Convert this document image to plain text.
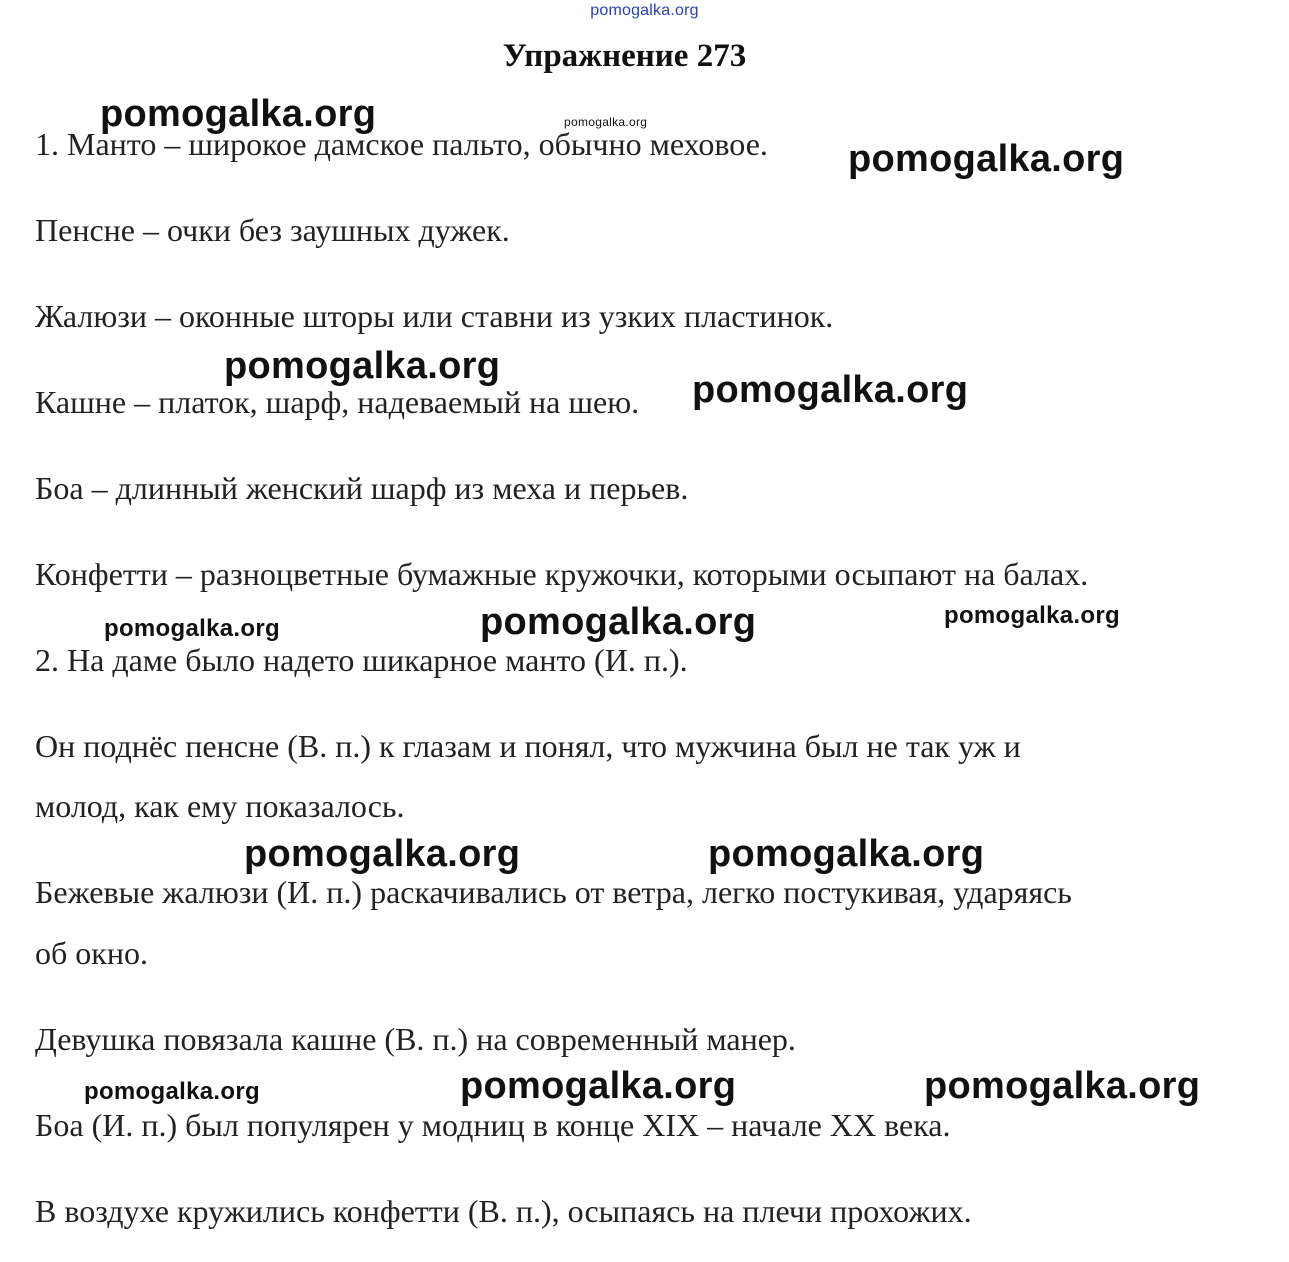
pomogalka.org
Упражнение 273
1. Манто – широкое дамское пальто, обычно меховое.
Пенсне – очки без заушных дужек.
Жалюзи – оконные шторы или ставни из узких пластинок.
Кашне – платок, шарф, надеваемый на шею.
Боа – длинный женский шарф из меха и перьев.
Конфетти – разноцветные бумажные кружочки, которыми осыпают на балах.
2. На даме было надето шикарное манто (И. п.).
Он поднёс пенсне (В. п.) к глазам и понял, что мужчина был не так уж и
молод, как ему показалось.
Бежевые жалюзи (И. п.) раскачивались от ветра, легко постукивая, ударяясь
об окно.
Девушка повязала кашне (В. п.) на современный манер.
Боа (И. п.) был популярен у модниц в конце XIX – начале XX века.
В воздухе кружились конфетти (В. п.), осыпаясь на плечи прохожих.
pomogalka.org	pomogalka.org
pomogalka.org
pomogalka.org
pomogalka.org
pomogalka.org	pomogalka.org	pomogalka.org
pomogalka.org	pomogalka.org
pomogalka.org	pomogalka.org	pomogalka.org
